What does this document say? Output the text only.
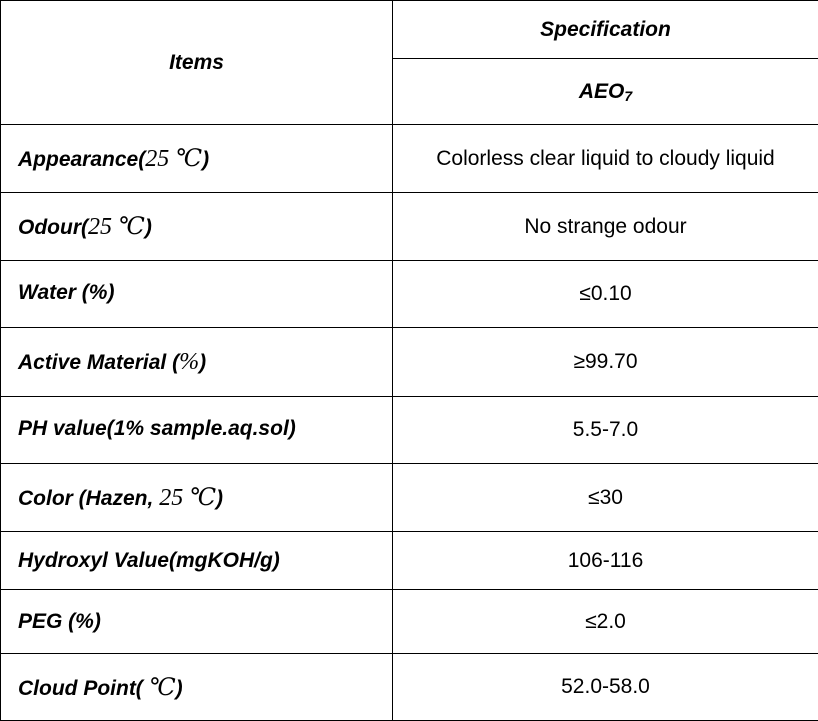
Items	Specification
	$AEO_7$
Appearance(25 ℃)	Colorless clear liquid to cloudy liquid
Odour(25 ℃)	No strange odour
Water (%)	≤0.10
Active Material (%)	≥99.70
PH value(1% sample.aq.sol)	5.5-7.0
Color (Hazen, 25 ℃)	≤30
Hydroxyl Value(mgKOH/g)	106-116
PEG (%)	≤2.0
Cloud Point( ℃)	52.0-58.0
